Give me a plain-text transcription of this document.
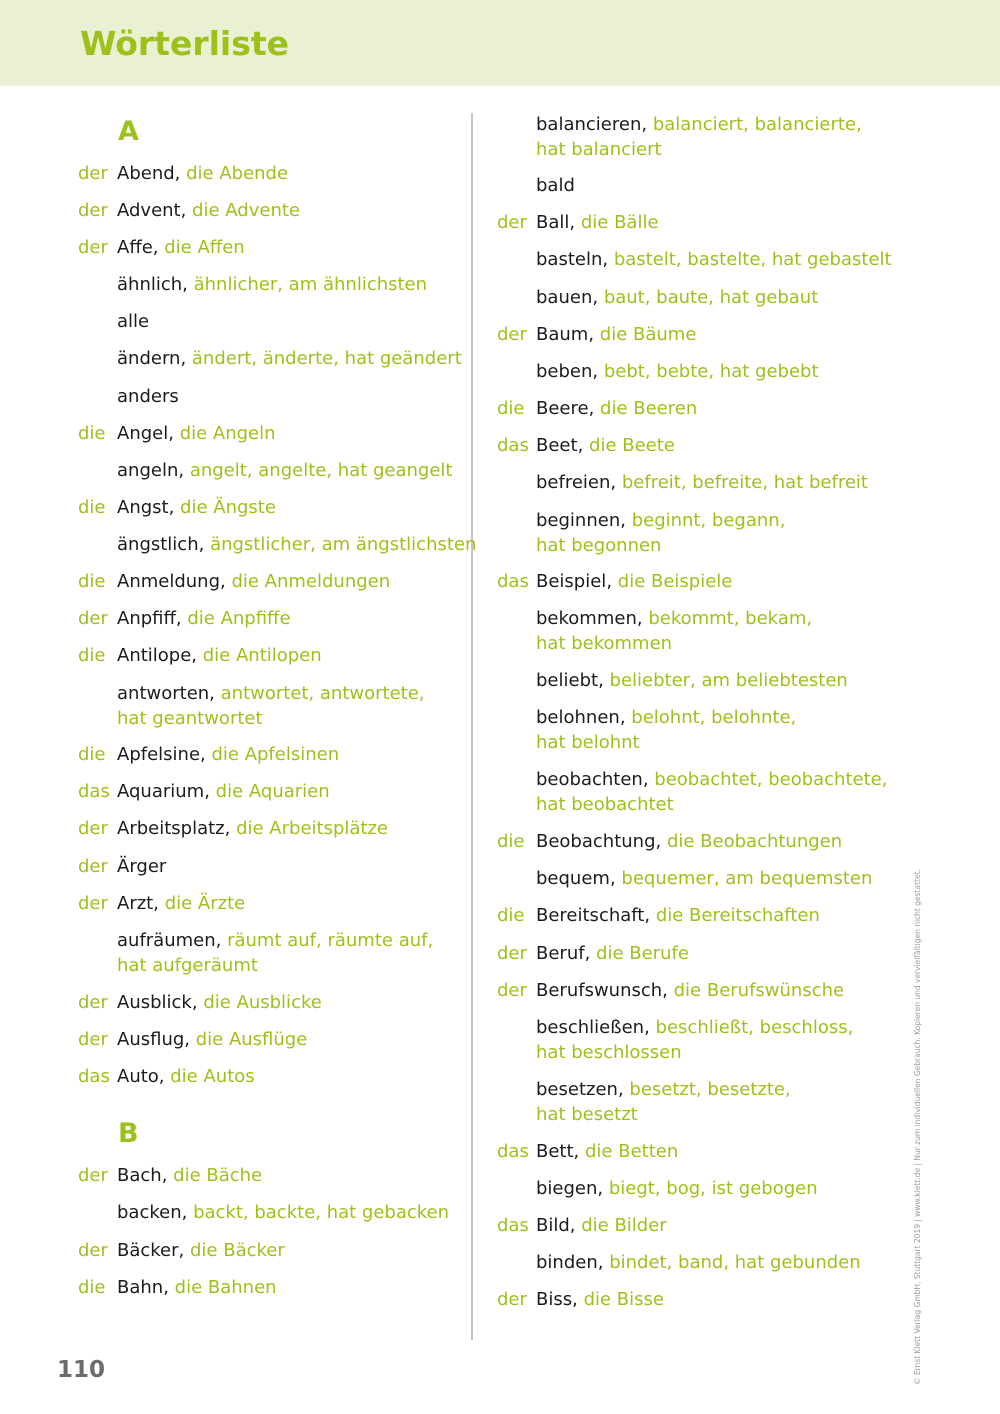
Wörterliste
A
B
der Abend, die Abende
der Advent, die Advente
der Affe, die Affen
ähnlich, ähnlicher, am ähnlichsten
alle
ändern, ändert, änderte, hat geändert
anders
die Angel, die Angeln
angeln, angelt, angelte, hat geangelt
die Angst, die Ängste
ängstlich, ängstlicher, am ängstlichsten
die Anmeldung, die Anmeldungen
der Anpfiff, die Anpfiffe
die Antilope, die Antilopen
antworten, antwortet, antwortete,
hat geantwortet
die Apfelsine, die Apfelsinen
das Aquarium, die Aquarien
der Arbeitsplatz, die Arbeitsplätze
der Ärger
der Arzt, die Ärzte
aufräumen, räumt auf, räumte auf,
hat aufgeräumt
der Ausblick, die Ausblicke
der Ausflug, die Ausflüge
das Auto, die Autos
der Bach, die Bäche
backen, backt, backte, hat gebacken
der Bäcker, die Bäcker
die Bahn, die Bahnen
balancieren, balanciert, balancierte,
hat balanciert
bald
der Ball, die Bälle
basteln, bastelt, bastelte, hat gebastelt
bauen, baut, baute, hat gebaut
der Baum, die Bäume
beben, bebt, bebte, hat gebebt
die Beere, die Beeren
das Beet, die Beete
befreien, befreit, befreite, hat befreit
beginnen, beginnt, begann,
hat begonnen
das Beispiel, die Beispiele
bekommen, bekommt, bekam,
hat bekommen
beliebt, beliebter, am beliebtesten
belohnen, belohnt, belohnte,
hat belohnt
beobachten, beobachtet, beobachtete,
hat beobachtet
die Beobachtung, die Beobachtungen
bequem, bequemer, am bequemsten
die Bereitschaft, die Bereitschaften
der Beruf, die Berufe
der Berufswunsch, die Berufswünsche
beschließen, beschließt, beschloss,
hat beschlossen
besetzen, besetzt, besetzte,
hat besetzt
das Bett, die Betten
biegen, biegt, bog, ist gebogen
das Bild, die Bilder
binden, bindet, band, hat gebunden
der Biss, die Bisse
110	© Ernst Klett Verlag GmbH, Stuttgart 2019 | www.klett.de | Nur zum individuellen Gebrauch. Kopieren und vervielfältigen nicht gestattet.
